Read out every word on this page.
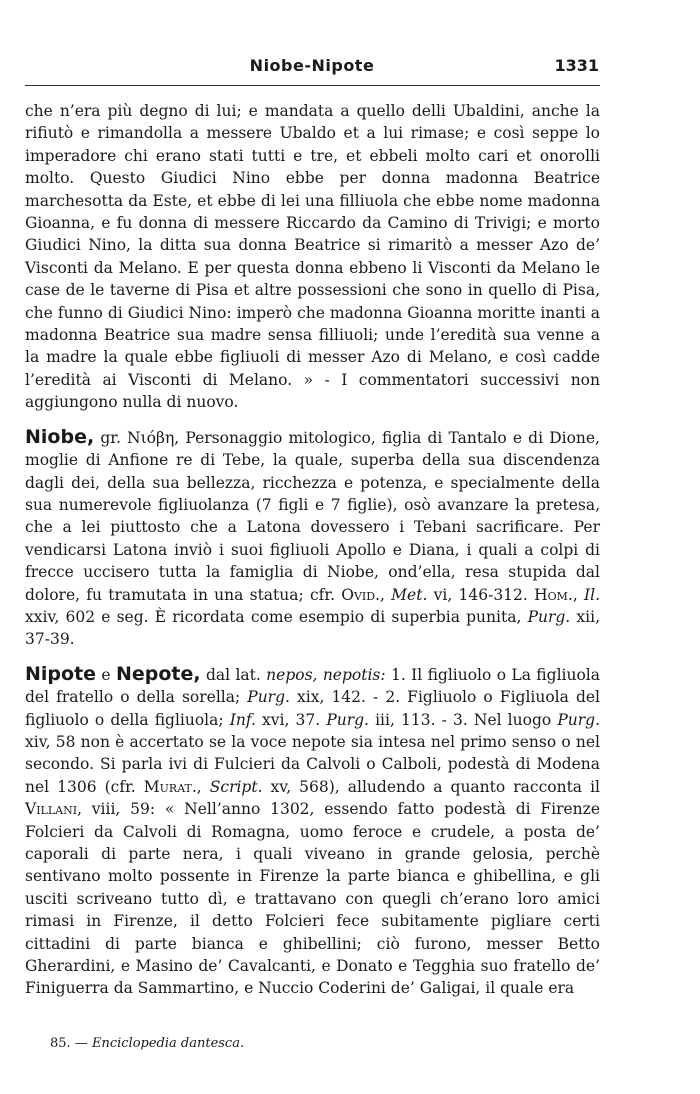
Niobe-Nipote	1331

che n’era più degno di lui; e mandata a quello delli Ubaldini, anche la rifiutò e rimandolla a messere Ubaldo et a lui rimase; e così seppe lo imperadore chi erano stati tutti e tre, et ebbeli molto cari et onorolli molto. Questo Giudici Nino ebbe per donna madonna Beatrice marchesotta da Este, et ebbe di lei una filliuola che ebbe nome madonna Gioanna, e fu donna di messere Riccardo da Camino di Trivigi; e morto Giudici Nino, la ditta sua donna Beatrice si rimaritò a messer Azo de’ Visconti da Melano. E per questa donna ebbeno li Visconti da Melano le case de le taverne di Pisa et altre possessioni che sono in quello di Pisa, che funno di Giudici Nino: imperò che madonna Gioanna moritte inanti a madonna Beatrice sua madre sensa filliuoli; unde l’eredità sua venne a la madre la quale ebbe figliuoli di messer Azo di Melano, e così cadde l’eredità ai Visconti di Melano. » - I commentatori successivi non aggiungono nulla di nuovo.

Niobe, gr. Νιόβη, Personaggio mitologico, figlia di Tantalo e di Dione, moglie di Anfione re di Tebe, la quale, superba della sua discendenza dagli dei, della sua bellezza, ricchezza e potenza, e specialmente della sua numerevole figliuolanza (7 figli e 7 figlie), osò avanzare la pretesa, che a lei piuttosto che a Latona dovessero i Tebani sacrificare. Per vendicarsi Latona inviò i suoi figliuoli Apollo e Diana, i quali a colpi di frecce uccisero tutta la famiglia di Niobe, ond’ella, resa stupida dal dolore, fu tramutata in una statua; cfr. Ovid., Met. vi, 146-312. Hom., Il. xxiv, 602 e seg. È ricordata come esempio di superbia punita, Purg. xii, 37-39.

Nipote e Nepote, dal lat. nepos, nepotis: 1. Il figliuolo o La figliuola del fratello o della sorella; Purg. xix, 142. - 2. Figliuolo o Figliuola del figliuolo o della figliuola; Inf. xvi, 37. Purg. iii, 113. - 3. Nel luogo Purg. xiv, 58 non è accertato se la voce nepote sia intesa nel primo senso o nel secondo. Si parla ivi di Fulcieri da Calvoli o Calboli, podestà di Modena nel 1306 (cfr. Murat., Script. xv, 568), alludendo a quanto racconta il Villani, viii, 59: « Nell’anno 1302, essendo fatto podestà di Firenze Folcieri da Calvoli di Romagna, uomo feroce e crudele, a posta de’ caporali di parte nera, i quali viveano in grande gelosia, perchè sentivano molto possente in Firenze la parte bianca e ghibellina, e gli usciti scriveano tutto dì, e trattavano con quegli ch’erano loro amici rimasi in Firenze, il detto Folcieri fece subitamente pigliare certi cittadini di parte bianca e ghibellini; ciò furono, messer Betto Gherardini, e Masino de’ Cavalcanti, e Donato e Tegghia suo fratello de’ Finiguerra da Sammartino, e Nuccio Coderini de’ Galigai, il quale era

85. — Enciclopedia dantesca.
